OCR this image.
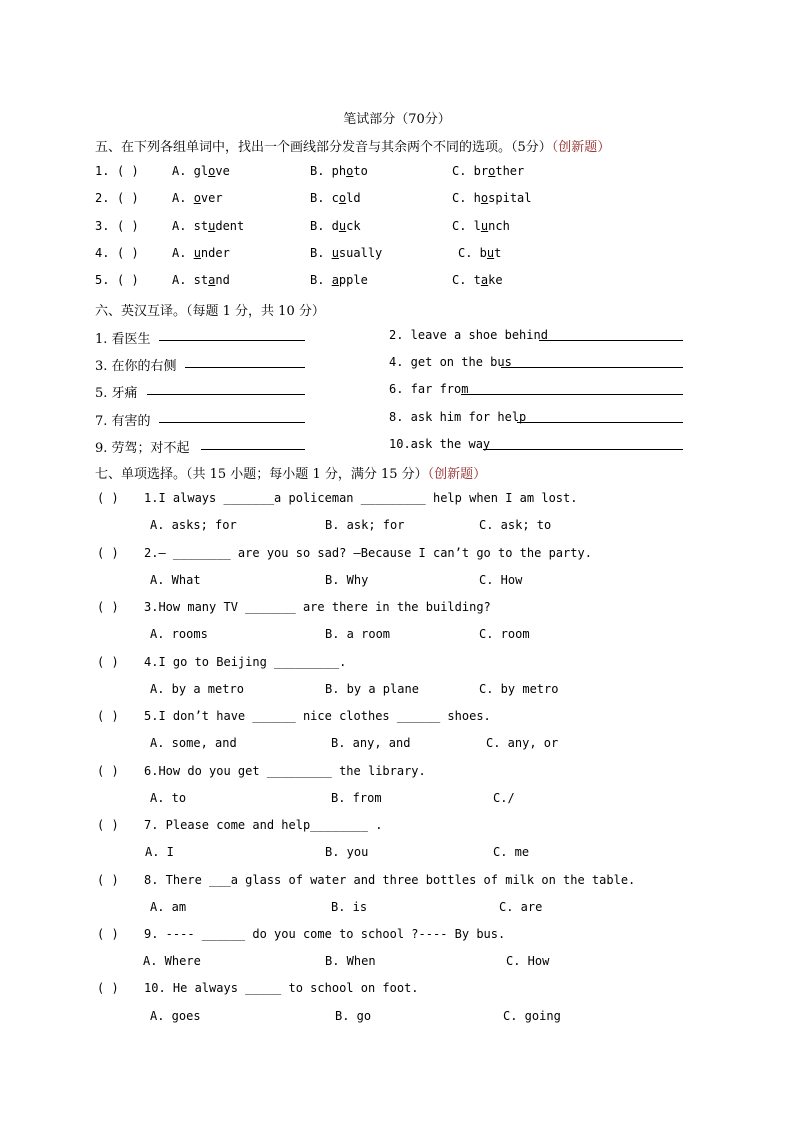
笔试部分（70分）
五、在下列各组单词中，找出一个画线部分发音与其余两个不同的选项。（5分）（创新题）
1. ( )	A. glove	B. photo	C. brother
2. ( )	A. over	B. cold	C. hospital
3. ( )	A. student	B. duck	C. lunch
4. ( )	A. under	B. usually	C. but
5. ( )	A. stand	B. apple	C. take
六、英汉互译。（每题 1 分，共 10 分）
1. 看医生	2. leave a shoe behind
3. 在你的右侧	4. get on the bus
5. 牙痛	6. far from
7. 有害的	8. ask him for help
9. 劳驾；对不起	10.ask the way
七、单项选择。（共 15 小题；每小题 1 分，满分 15 分）（创新题）
( ) 1.I always _______a policeman _________ help when I am lost.
A. asks; for	B. ask; for	C. ask; to
( ) 2.— ________ are you so sad? —Because I can’t go to the party.
A. What	B. Why	C. How
( ) 3.How many TV _______ are there in the building?
A. rooms	B. a room	C. room
( ) 4.I go to Beijing _________.
A. by a metro	B. by a plane	C. by metro
( ) 5.I don’t have ______ nice clothes ______ shoes.
A. some, and	B. any, and	C. any, or
( ) 6.How do you get _________ the library.
A. to	B. from	C./
( ) 7. Please come and help________ .
A. I	B. you	C. me
( ) 8. There ___a glass of water and three bottles of milk on the table.
A. am	B. is	C. are
( ) 9. ---- ______ do you come to school ?---- By bus.
A. Where	B. When	C. How
( ) 10. He always _____ to school on foot.
A. goes	B. go	C. going
